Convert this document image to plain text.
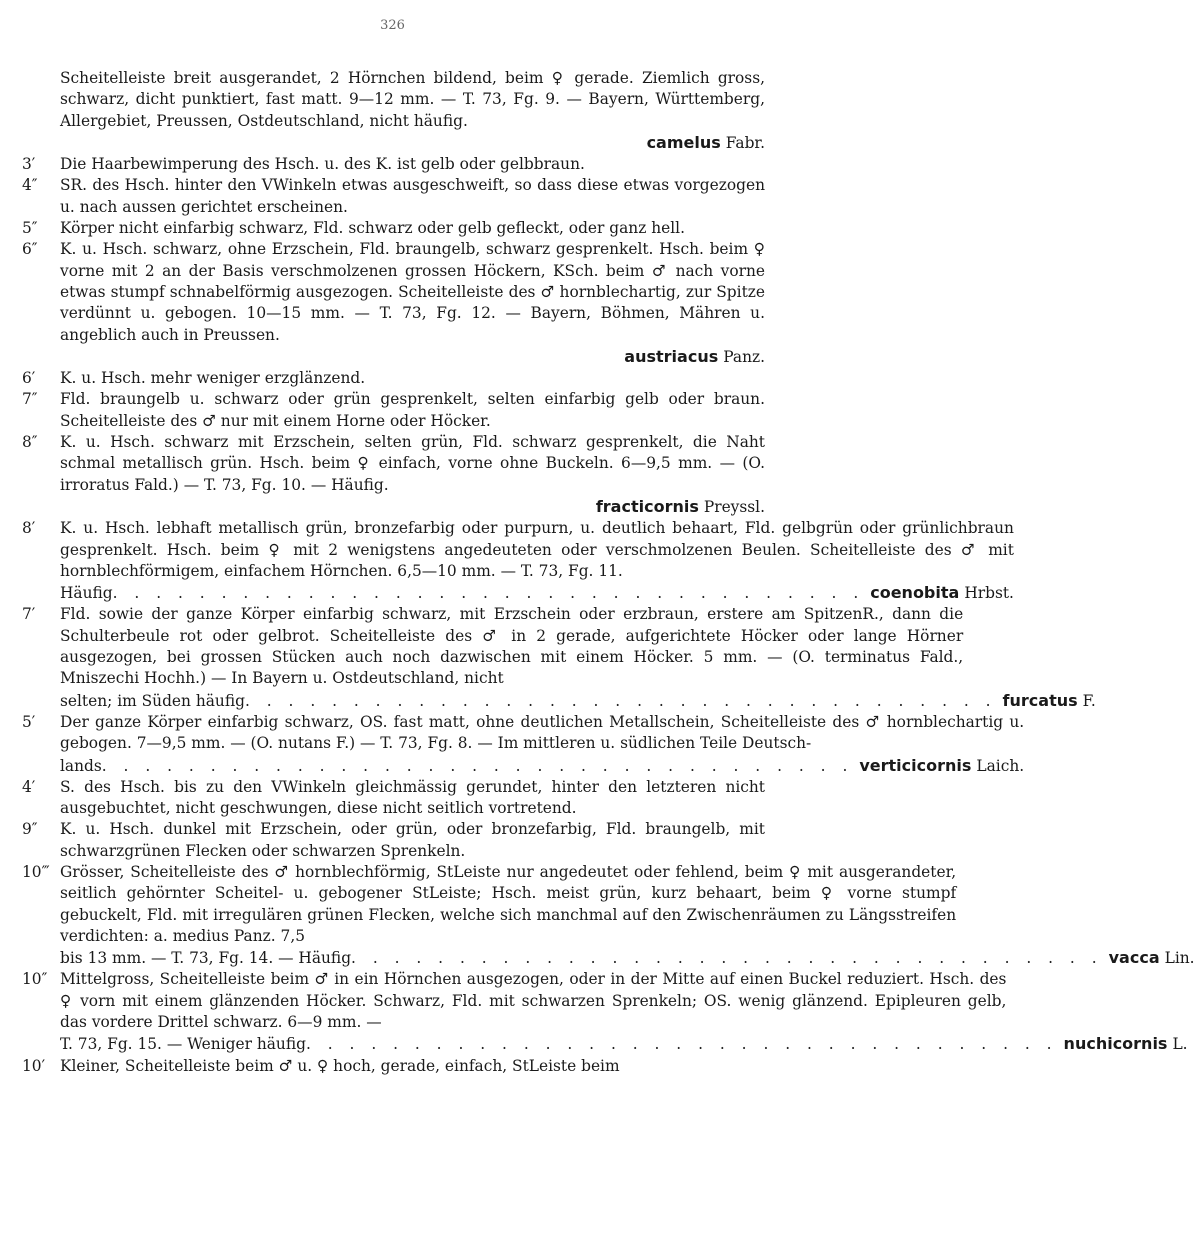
326
Scheitelleiste breit ausgerandet, 2 Hörnchen bildend, beim ♀ gerade. Ziemlich gross, schwarz, dicht punktiert, fast matt. 9—12 mm. — T. 73, Fg. 9. — Bayern, Württemberg, Allergebiet, Preussen, Ostdeutschland, nicht häufig.
camelus Fabr.
3′	Die Haarbewimperung des Hsch. u. des K. ist gelb oder gelbbraun.
4″	SR. des Hsch. hinter den VWinkeln etwas ausgeschweift, so dass diese etwas vorgezogen u. nach aussen gerichtet erscheinen.
5″	Körper nicht einfarbig schwarz, Fld. schwarz oder gelb gefleckt, oder ganz hell.
6″	K. u. Hsch. schwarz, ohne Erzschein, Fld. braungelb, schwarz gesprenkelt. Hsch. beim ♀ vorne mit 2 an der Basis verschmolzenen grossen Höckern, KSch. beim ♂ nach vorne etwas stumpf schnabelförmig ausgezogen. Scheitelleiste des ♂ hornblechartig, zur Spitze verdünnt u. gebogen. 10—15 mm. — T. 73, Fg. 12. — Bayern, Böhmen, Mähren u. angeblich auch in Preussen.
austriacus Panz.
6′	K. u. Hsch. mehr weniger erzglänzend.
7″	Fld. braungelb u. schwarz oder grün gesprenkelt, selten einfarbig gelb oder braun. Scheitelleiste des ♂ nur mit einem Horne oder Höcker.
8″	K. u. Hsch. schwarz mit Erzschein, selten grün, Fld. schwarz gesprenkelt, die Naht schmal metallisch grün. Hsch. beim ♀ einfach, vorne ohne Buckeln. 6—9,5 mm. — (O. irroratus Fald.) — T. 73, Fg. 10. — Häufig.
fracticornis Preyssl.
8′	K. u. Hsch. lebhaft metallisch grün, bronzefarbig oder purpurn, u. deutlich behaart, Fld. gelbgrün oder grünlichbraun gesprenkelt. Hsch. beim ♀ mit 2 wenigstens angedeuteten oder verschmolzenen Beulen. Scheitelleiste des ♂ mit hornblechförmigem, einfachem Hörnchen. 6,5—10 mm. — T. 73, Fg. 11.
Häufig . . . . . . . . . . . . . . . . . . . . . . . . . . . . . . . . . . . coenobita Hrbst.
7′	Fld. sowie der ganze Körper einfarbig schwarz, mit Erzschein oder erzbraun, erstere am SpitzenR., dann die Schulterbeule rot oder gelbrot. Scheitelleiste des ♂ in 2 gerade, aufgerichtete Höcker oder lange Hörner ausgezogen, bei grossen Stücken auch noch dazwischen mit einem Höcker. 5 mm. — (O. terminatus Fald., Mniszechi Hochh.) — In Bayern u. Ostdeutschland, nicht
selten; im Süden häufig . . . . . . . . . . . . . . . . . . . . . . . . . . . . . . . . . . . furcatus F.
5′	Der ganze Körper einfarbig schwarz, OS. fast matt, ohne deutlichen Metallschein, Scheitelleiste des ♂ hornblechartig u. gebogen. 7—9,5 mm. — (O. nutans F.) — T. 73, Fg. 8. — Im mittleren u. südlichen Teile Deutsch-
lands . . . . . . . . . . . . . . . . . . . . . . . . . . . . . . . . . . . verticicornis Laich.
4′	S. des Hsch. bis zu den VWinkeln gleichmässig gerundet, hinter den letzteren nicht ausgebuchtet, nicht geschwungen, diese nicht seitlich vortretend.
9″	K. u. Hsch. dunkel mit Erzschein, oder grün, oder bronzefarbig, Fld. braungelb, mit schwarzgrünen Flecken oder schwarzen Sprenkeln.
10‴ Grösser, Scheitelleiste des ♂ hornblechförmig, StLeiste nur angedeutet oder fehlend, beim ♀ mit ausgerandeter, seitlich gehörnter Scheitel- u. gebogener StLeiste; Hsch. meist grün, kurz behaart, beim ♀ vorne stumpf gebuckelt, Fld. mit irregulären grünen Flecken, welche sich manchmal auf den Zwischenräumen zu Längsstreifen verdichten: a. medius Panz. 7,5
bis 13 mm. — T. 73, Fg. 14. — Häufig . . . . . . . . . . . . . . . . . . . . . . . . . . . . . . . . . . . vacca Lin.
10″ Mittelgross, Scheitelleiste beim ♂ in ein Hörnchen ausgezogen, oder in der Mitte auf einen Buckel reduziert. Hsch. des ♀ vorn mit einem glänzenden Höcker. Schwarz, Fld. mit schwarzen Sprenkeln; OS. wenig glänzend. Epipleuren gelb, das vordere Drittel schwarz. 6—9 mm. —
T. 73, Fg. 15. — Weniger häufig . . . . . . . . . . . . . . . . . . . . . . . . . . . . . . . . . . . nuchicornis L.
10′ Kleiner, Scheitelleiste beim ♂ u. ♀ hoch, gerade, einfach, StLeiste beim
